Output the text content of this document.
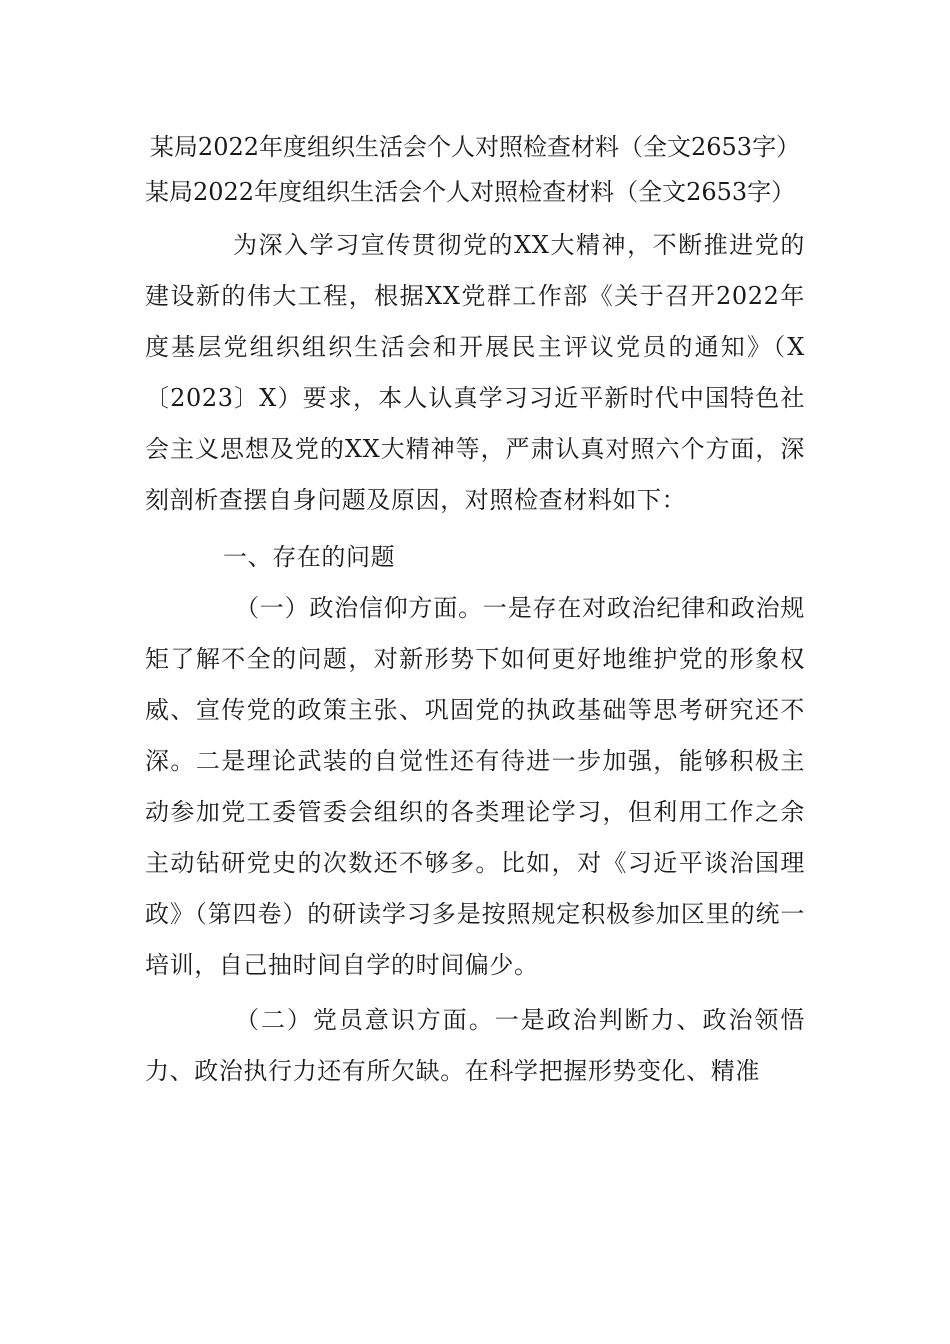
某局2022年度组织生活会个人对照检查材料（全文2653字）

某局2022年度组织生活会个人对照检查材料（全文2653字）

为深入学习宣传贯彻党的XX大精神，不断推进党的建设新的伟大工程，根据XX党群工作部《关于召开2022年度基层党组织组织生活会和开展民主评议党员的通知》（X〔2023〕X）要求，本人认真学习习近平新时代中国特色社会主义思想及党的XX大精神等，严肃认真对照六个方面，深刻剖析查摆自身问题及原因，对照检查材料如下：

一、存在的问题

（一）政治信仰方面。一是存在对政治纪律和政治规矩了解不全的问题，对新形势下如何更好地维护党的形象权威、宣传党的政策主张、巩固党的执政基础等思考研究还不深。二是理论武装的自觉性还有待进一步加强，能够积极主动参加党工委管委会组织的各类理论学习，但利用工作之余主动钻研党史的次数还不够多。比如，对《习近平谈治国理政》（第四卷）的研读学习多是按照规定积极参加区里的统一培训，自己抽时间自学的时间偏少。

（二）党员意识方面。一是政治判断力、政治领悟力、政治执行力还有所欠缺。在科学把握形势变化、精准
